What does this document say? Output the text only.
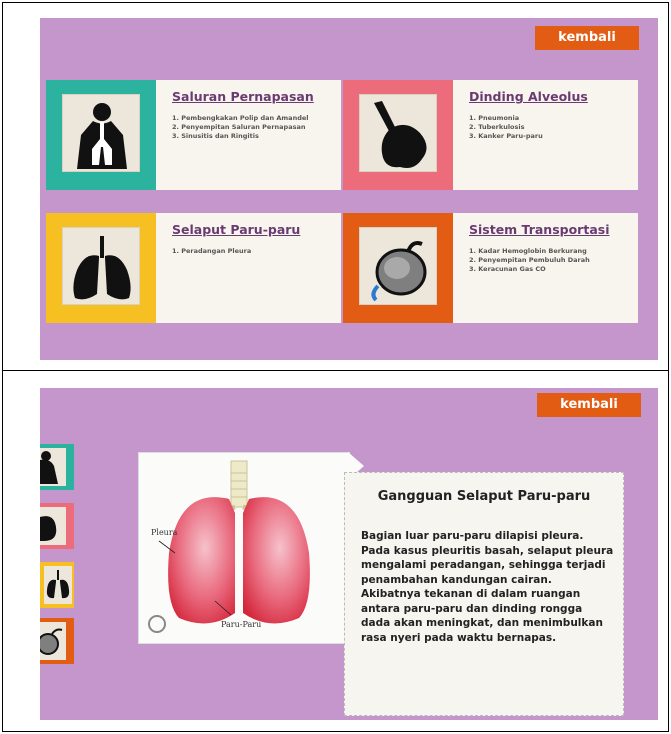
kembali
Saluran Pernapasan
1. Pembengkakan Polip dan Amandel
2. Penyempitan Saluran Pernapasan
3. Sinusitis dan Ringitis
Dinding Alveolus
1. Pneumonia
2. Tuberkulosis
3. Kanker Paru-paru
Selaput Paru-paru
1. Peradangan Pleura
Sistem Transportasi
1. Kadar Hemoglobin Berkurang
2. Penyempitan Pembuluh Darah
3. Keracunan Gas CO
kembali
Pleura
Paru-Paru
Gangguan Selaput Paru-paru
Bagian luar paru-paru dilapisi pleura. Pada kasus pleuritis basah, selaput pleura mengalami peradangan, sehingga terjadi penambahan kandungan cairan. Akibatnya tekanan di dalam ruangan antara paru-paru dan dinding rongga dada akan meningkat, dan menimbulkan rasa nyeri pada waktu bernapas.
